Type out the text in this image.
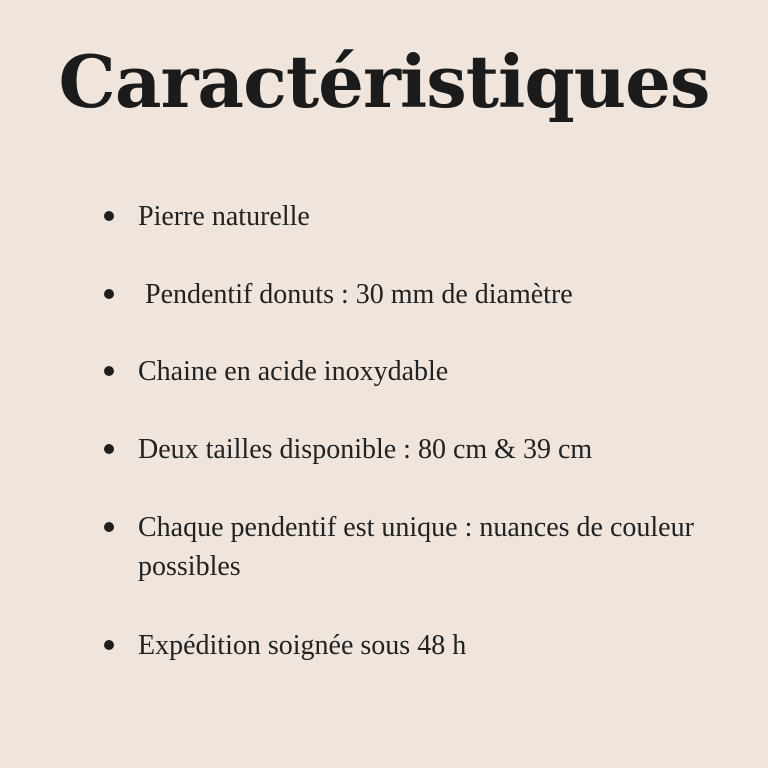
Caractéristiques
Pierre naturelle
Pendentif donuts : 30 mm de diamètre
Chaine en acide inoxydable
Deux tailles disponible : 80 cm & 39 cm
Chaque pendentif est unique : nuances de couleur possibles
Expédition soignée sous 48 h
